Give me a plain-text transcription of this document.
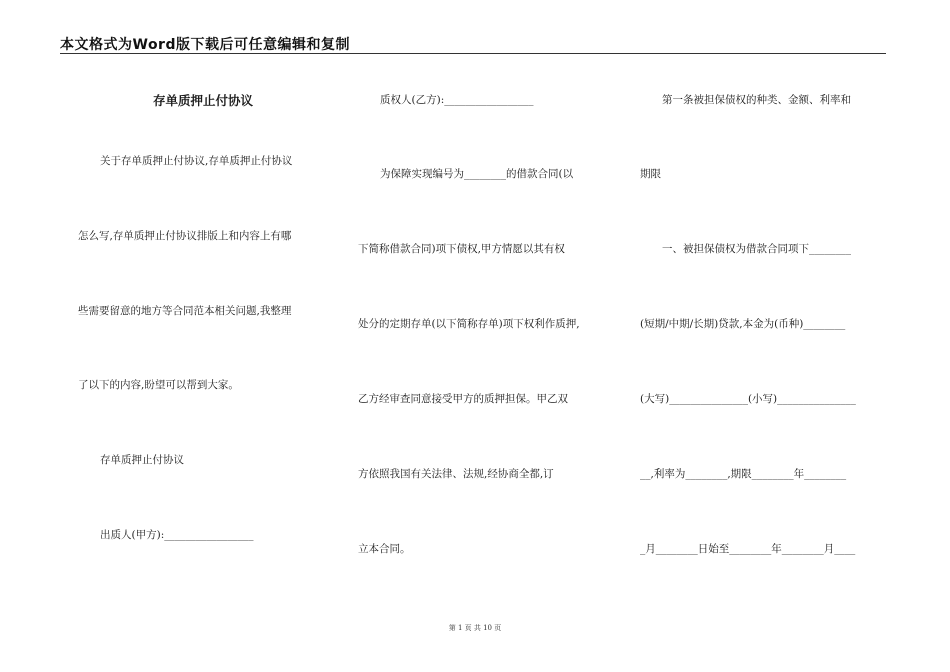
本文格式为Word版下载后可任意编辑和复制
存单质押止付协议
关于存单质押止付协议,存单质押止付协议
怎么写,存单质押止付协议排版上和内容上有哪
些需要留意的地方等合同范本相关问题,我整理
了以下的内容,盼望可以帮到大家。
存单质押止付协议
出质人(甲方):_________________
质权人(乙方):_________________
为保障实现编号为________的借款合同(以
下简称借款合同)项下债权,甲方情愿以其有权
处分的定期存单(以下简称存单)项下权利作质押,
乙方经审查同意接受甲方的质押担保。甲乙双
方依照我国有关法律、法规,经协商全都,订
立本合同。
第一条被担保债权的种类、金额、利率和
期限
一、被担保债权为借款合同项下________
(短期/中期/长期)贷款,本金为(币种)________
(大写)_______________(小写)_______________
__,利率为________,期限________年________
_月________日始至________年________月____
第 1 页 共 10 页
